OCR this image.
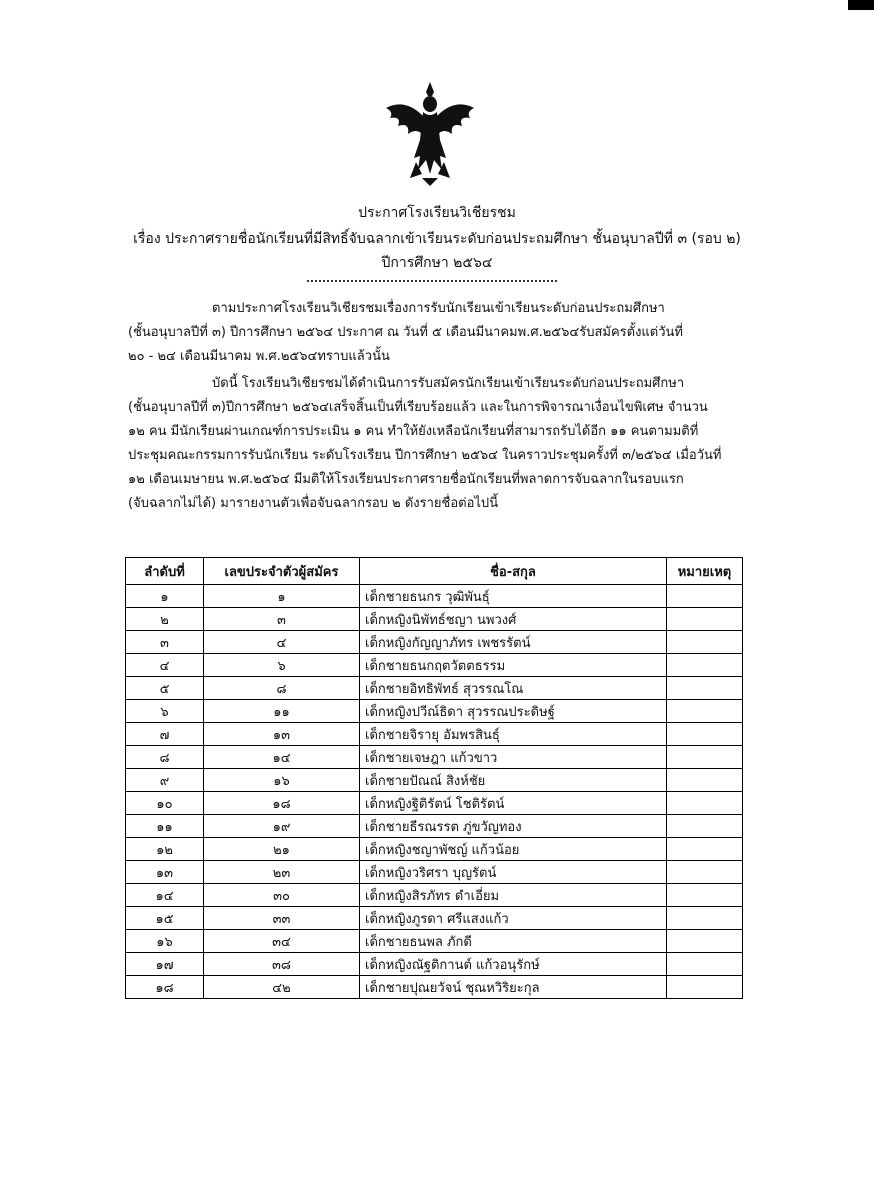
ประกาศโรงเรียนวิเชียรชม
เรื่อง ประกาศรายชื่อนักเรียนที่มีสิทธิ์จับฉลากเข้าเรียนระดับก่อนประถมศึกษา ชั้นอนุบาลปีที่ ๓ (รอบ ๒)
ปีการศึกษา ๒๕๖๔
ตามประกาศโรงเรียนวิเชียรชมเรื่องการรับนักเรียนเข้าเรียนระดับก่อนประถมศึกษา
(ชั้นอนุบาลปีที่ ๓) ปีการศึกษา ๒๕๖๔ ประกาศ ณ วันที่ ๕ เดือนมีนาคมพ.ศ.๒๕๖๔รับสมัครตั้งแต่วันที่
๒๐ - ๒๔ เดือนมีนาคม พ.ศ.๒๕๖๔ทราบแล้วนั้น
บัดนี้ โรงเรียนวิเชียรชมได้ดำเนินการรับสมัครนักเรียนเข้าเรียนระดับก่อนประถมศึกษา
(ชั้นอนุบาลปีที่ ๓)ปีการศึกษา ๒๕๖๔เสร็จสิ้นเป็นที่เรียบร้อยแล้ว และในการพิจารณาเงื่อนไขพิเศษ จำนวน
๑๒ คน มีนักเรียนผ่านเกณฑ์การประเมิน ๑ คน ทำให้ยังเหลือนักเรียนที่สามารถรับได้อีก ๑๑ คนตามมติที่
ประชุมคณะกรรมการรับนักเรียน ระดับโรงเรียน ปีการศึกษา ๒๕๖๔ ในคราวประชุมครั้งที่ ๓/๒๕๖๔ เมื่อวันที่
๑๒ เดือนเมษายน พ.ศ.๒๕๖๔ มีมติให้โรงเรียนประกาศรายชื่อนักเรียนที่พลาดการจับฉลากในรอบแรก
(จับฉลากไม่ได้) มารายงานตัวเพื่อจับฉลากรอบ ๒ ดังรายชื่อต่อไปนี้
ลำดับที่	เลขประจำตัวผู้สมัคร	ชื่อ-สกุล	หมายเหตุ
๑	๑	เด็กชายธนกร วุฒิพันธุ์	
๒	๓	เด็กหญิงนิพัทธ์ชญา นพวงศ์	
๓	๔	เด็กหญิงกัญญาภัทร เพชรรัตน์	
๔	๖	เด็กชายธนกฤตวัตตธรรม	
๕	๘	เด็กชายอิทธิพัทธ์ สุวรรณโณ	
๖	๑๑	เด็กหญิงปวีณ์ธิดา สุวรรณประดิษฐ์	
๗	๑๓	เด็กชายจิรายุ อัมพรสินธุ์	
๘	๑๔	เด็กชายเจษฎา แก้วขาว	
๙	๑๖	เด็กชายปัณณ์ สิงห์ชัย	
๑๐	๑๘	เด็กหญิงฐิติรัตน์ โชติรัตน์	
๑๑	๑๙	เด็กชายธีรณรรต ภู่ขวัญทอง	
๑๒	๒๑	เด็กหญิงชญาพัชญ์ แก้วน้อย	
๑๓	๒๓	เด็กหญิงวริศรา บุญรัตน์	
๑๔	๓๐	เด็กหญิงสิรภัทร ดำเอี่ยม	
๑๕	๓๓	เด็กหญิงภูรดา ศรีแสงแก้ว	
๑๖	๓๔	เด็กชายธนพล ภักดี	
๑๗	๓๘	เด็กหญิงณัฐติกานต์ แก้วอนุรักษ์	
๑๘	๔๒	เด็กชายปุณยวัจน์ ชุณหวิริยะกุล	
